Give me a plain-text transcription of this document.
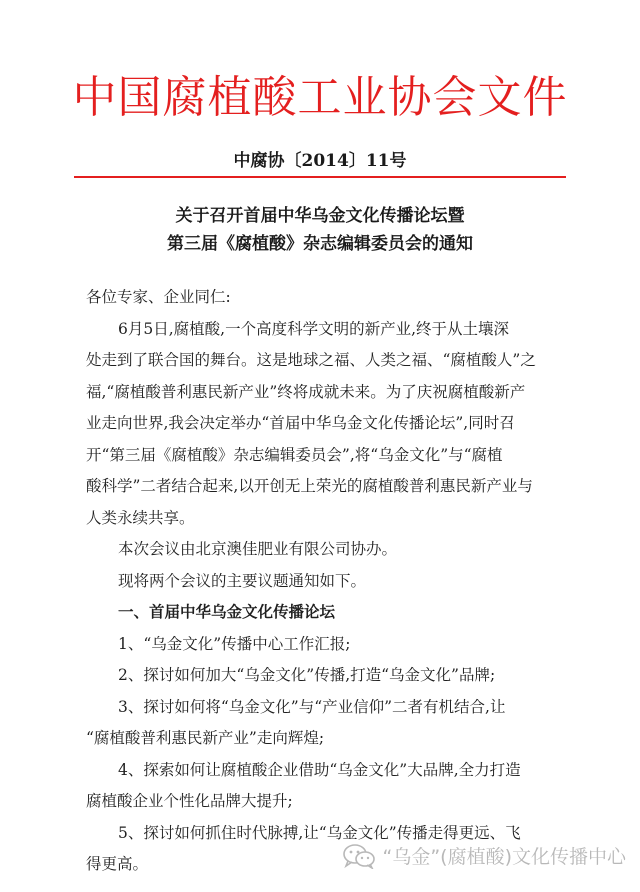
中国腐植酸工业协会文件
中腐协〔2014〕11号
关于召开首届中华乌金文化传播论坛暨
第三届《腐植酸》杂志编辑委员会的通知
各位专家、企业同仁:
6月5日,腐植酸,一个高度科学文明的新产业,终于从土壤深
处走到了联合国的舞台。这是地球之福、人类之福、“腐植酸人”之
福,“腐植酸普利惠民新产业”终将成就未来。为了庆祝腐植酸新产
业走向世界,我会决定举办“首届中华乌金文化传播论坛”,同时召
开“第三届《腐植酸》杂志编辑委员会”,将“乌金文化”与“腐植
酸科学”二者结合起来,以开创无上荣光的腐植酸普利惠民新产业与
人类永续共享。
本次会议由北京澳佳肥业有限公司协办。
现将两个会议的主要议题通知如下。
一、首届中华乌金文化传播论坛
1、“乌金文化”传播中心工作汇报;
2、探讨如何加大“乌金文化”传播,打造“乌金文化”品牌;
3、探讨如何将“乌金文化”与“产业信仰”二者有机结合,让
“腐植酸普利惠民新产业”走向辉煌;
4、探索如何让腐植酸企业借助“乌金文化”大品牌,全力打造
腐植酸企业个性化品牌大提升;
5、探讨如何抓住时代脉搏,让“乌金文化”传播走得更远、飞
得更高。	“乌金”(腐植酸)文化传播中心
